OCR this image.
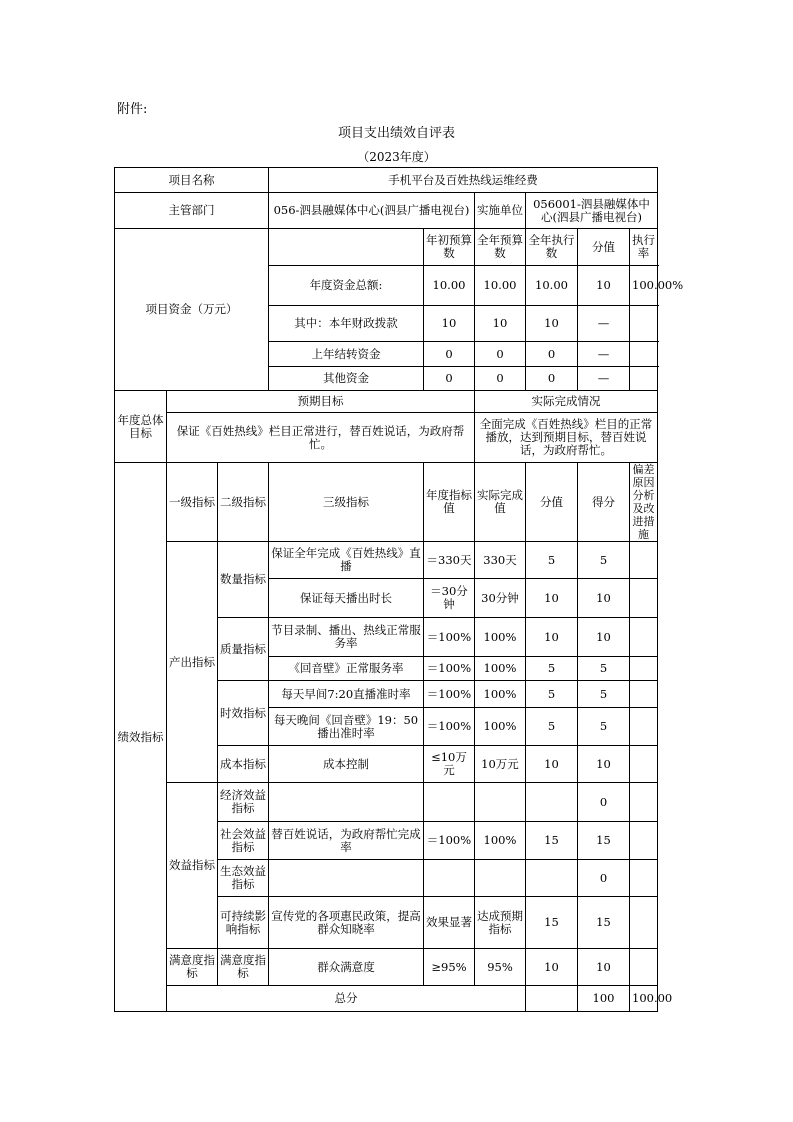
附件:
项目支出绩效自评表
（2023年度）
项目名称			手机平台及百姓热线运维经费						
主管部门			056-泗县融媒体中心(泗县广播电视台)		实施单位	056001-泗县融媒体中心(泗县广播电视台)			
项目资金（万元）				年初预算数	全年预算数	全年执行数	分值	执行率	
			年度资金总额:	10.00	10.00	10.00	10	100.00%	
			其中：本年财政拨款	10	10	10	—		
			上年结转资金	0	0	0	—		
			其他资金	0	0	0	—		
年度总体目标	预期目标				实际完成情况				
	保证《百姓热线》栏目正常进行，替百姓说话，为政府帮忙。				全面完成《百姓热线》栏目的正常播放，达到预期目标，替百姓说话，为政府帮忙。				
绩效指标	一级指标	二级指标	三级指标	年度指标值	实际完成值	分值	得分	偏差原因分析及改进措施	
	产出指标	数量指标	保证全年完成《百姓热线》直播	＝330天	330天	5	5		
			保证每天播出时长	＝30分钟	30分钟	10	10		
		质量指标	节目录制、播出、热线正常服务率	＝100%	100%	10	10		
			《回音壁》正常服务率	＝100%	100%	5	5		
		时效指标	每天早间7:20直播准时率	＝100%	100%	5	5		
			每天晚间《回音壁》19：50播出准时率	＝100%	100%	5	5		
		成本指标	成本控制	≤10万元	10万元	10	10		
	效益指标	经济效益指标					0		
		社会效益指标	替百姓说话，为政府帮忙完成率	＝100%	100%	15	15		
		生态效益指标					0		
		可持续影响指标	宣传党的各项惠民政策，提高群众知晓率	效果显著	达成预期指标	15	15		
	满意度指标	满意度指标	群众满意度	≥95%	95%	10	10		
	总分						100	100.00	
